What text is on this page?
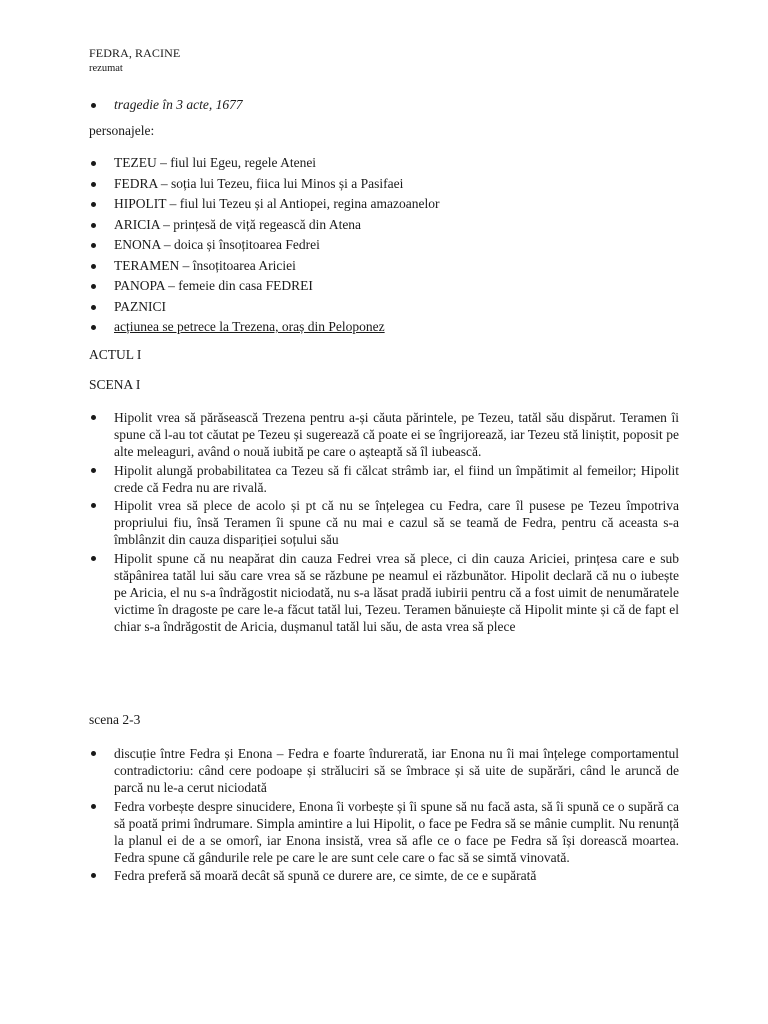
FEDRA, RACINE
rezumat
tragedie în 3 acte, 1677
personajele:
TEZEU – fiul lui Egeu, regele Atenei
FEDRA – soția lui Tezeu, fiica lui Minos și a Pasifaei
HIPOLIT – fiul lui Tezeu și al Antiopei, regina amazoanelor
ARICIA – prințesă de viță regească din Atena
ENONA – doica și însoțitoarea Fedrei
TERAMEN – însoțitoarea Ariciei
PANOPA – femeie din casa FEDREI
PAZNICI
acțiunea se petrece la Trezena, oraș din Peloponez
ACTUL I
SCENA I
Hipolit vrea să părăsească Trezena pentru a-și căuta părintele, pe Tezeu, tatăl său dispărut. Teramen îi spune că l-au tot căutat pe Tezeu și sugerează că poate ei se îngrijorează, iar Tezeu stă liniștit, poposit pe alte meleaguri, având o nouă iubită pe care o așteaptă să îl iubească.
Hipolit alungă probabilitatea ca Tezeu să fi călcat strâmb iar, el fiind un împătimit al femeilor; Hipolit crede că Fedra nu are rivală.
Hipolit vrea să plece de acolo și pt că nu se înțelegea cu Fedra, care îl pusese pe Tezeu împotriva propriului fiu, însă Teramen îi spune că nu mai e cazul să se teamă de Fedra, pentru că aceasta s-a îmblânzit din cauza dispariției soțului său
Hipolit spune că nu neapărat din cauza Fedrei vrea să plece, ci din cauza Ariciei, prințesa care e sub stăpânirea tatăl lui său care vrea să se răzbune pe neamul ei răzbunător. Hipolit declară că nu o iubește pe Aricia, el nu s-a îndrăgostit niciodată, nu s-a lăsat pradă iubirii pentru că a fost uimit de nenumăratele victime în dragoste pe care le-a făcut tatăl lui, Tezeu. Teramen bănuiește că Hipolit minte și că de fapt el chiar s-a îndrăgostit de Aricia, dușmanul tatăl lui său, de asta vrea să plece
scena 2-3
discuție între Fedra și Enona – Fedra e foarte îndurerată, iar Enona nu îi mai înțelege comportamentul contradictoriu: când cere podoape și străluciri să se îmbrace și să uite de supărări, când le aruncă de parcă nu le-a cerut niciodată
Fedra vorbește despre sinucidere, Enona îi vorbește și îi spune să nu facă asta, să îi spună ce o supără ca să poată primi îndrumare. Simpla amintire a lui Hipolit, o face pe Fedra să se mânie cumplit. Nu renunță la planul ei de a se omorî, iar Enona insistă, vrea să afle ce o face pe Fedra să își dorească moartea. Fedra spune că gândurile rele pe care le are sunt cele care o fac să se simtă vinovată.
Fedra preferă să moară decât să spună ce durere are, ce simte, de ce e supărată
